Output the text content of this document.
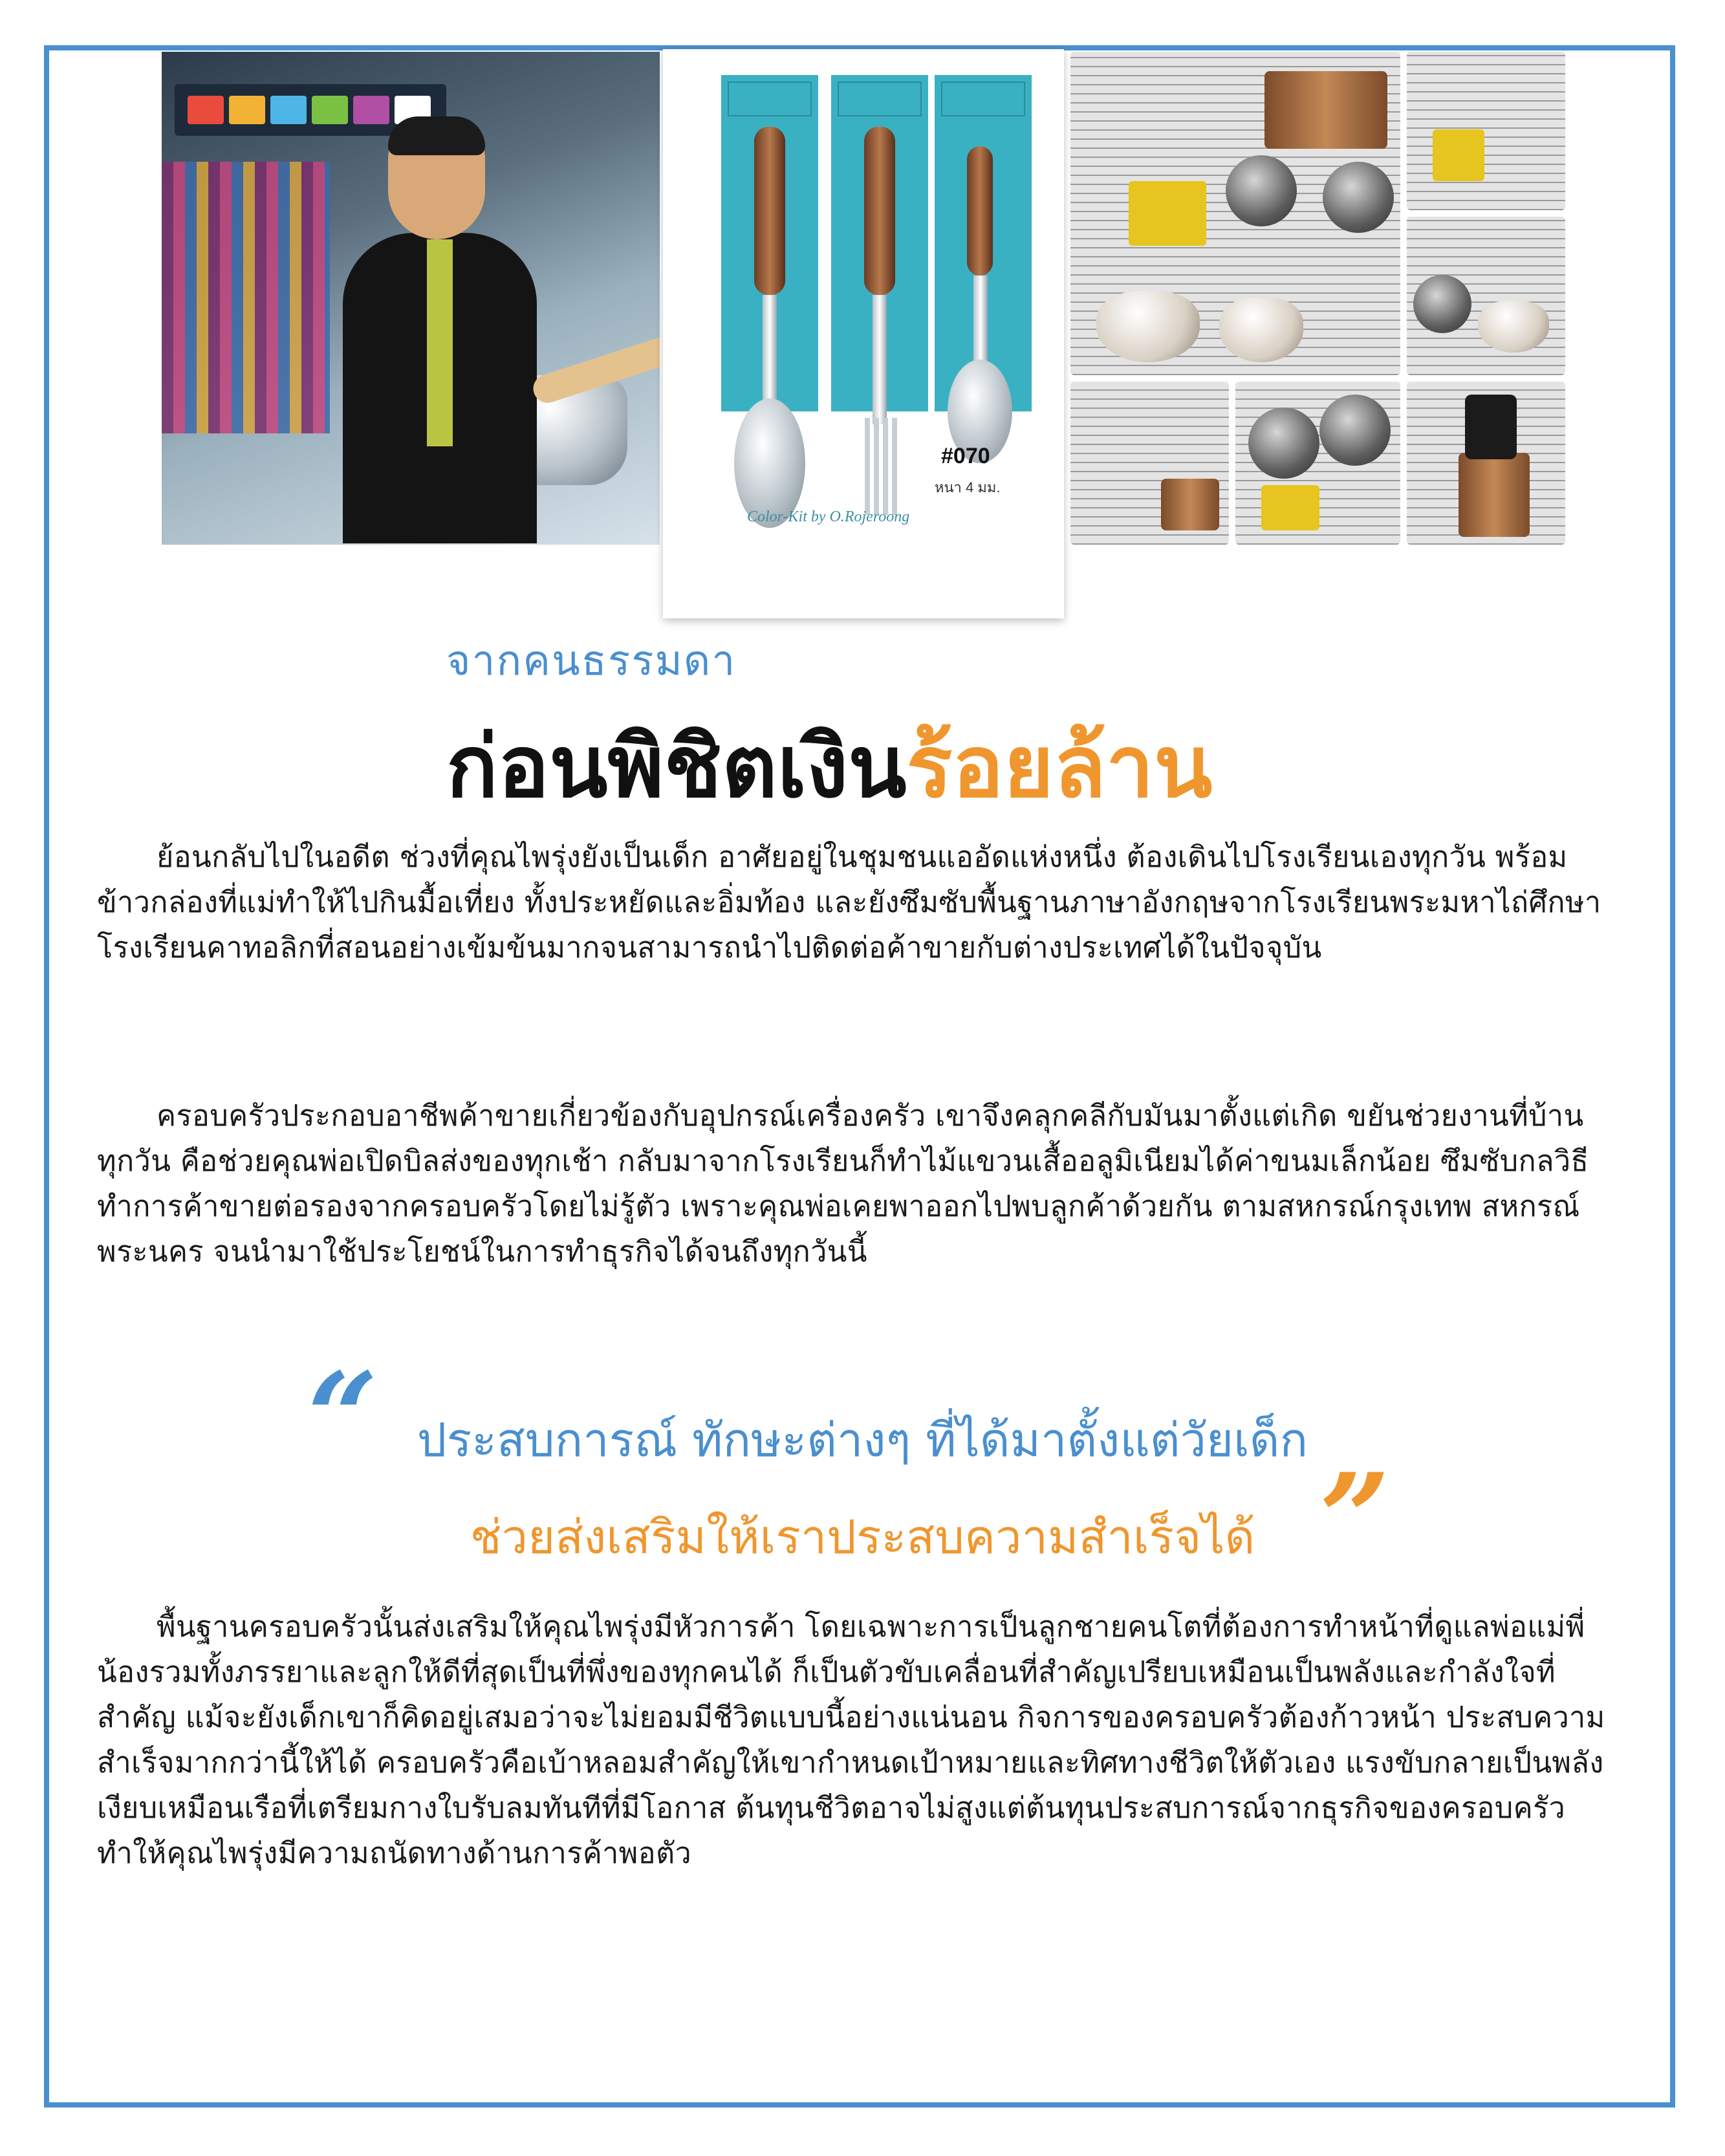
#070
หนา 4 มม.
Color-Kit by O.Rojeroong
จากคนธรรมดา
ก่อนพิชิตเงินร้อยล้าน

ย้อนกลับไปในอดีต ช่วงที่คุณไพรุ่งยังเป็นเด็ก อาศัยอยู่ในชุมชนแออัดแห่งหนึ่ง ต้องเดินไปโรงเรียนเองทุกวัน พร้อมข้าวกล่องที่แม่ทำให้ไปกินมื้อเที่ยง ทั้งประหยัดและอิ่มท้อง และยังซึมซับพื้นฐานภาษาอังกฤษจากโรงเรียนพระมหาไถ่ศึกษาโรงเรียนคาทอลิกที่สอนอย่างเข้มข้นมากจนสามารถนำไปติดต่อค้าขายกับต่างประเทศได้ในปัจจุบัน

ครอบครัวประกอบอาชีพค้าขายเกี่ยวข้องกับอุปกรณ์เครื่องครัว เขาจึงคลุกคลีกับมันมาตั้งแต่เกิด ขยันช่วยงานที่บ้านทุกวัน คือช่วยคุณพ่อเปิดบิลส่งของทุกเช้า กลับมาจากโรงเรียนก็ทำไม้แขวนเสื้ออลูมิเนียมได้ค่าขนมเล็กน้อย ซึมซับกลวิธีทำการค้าขายต่อรองจากครอบครัวโดยไม่รู้ตัว เพราะคุณพ่อเคยพาออกไปพบลูกค้าด้วยกัน ตามสหกรณ์กรุงเทพ สหกรณ์พระนคร จนนำมาใช้ประโยชน์ในการทำธุรกิจได้จนถึงทุกวันนี้

“ ประสบการณ์ ทักษะต่างๆ ที่ได้มาตั้งแต่วัยเด็ก
ช่วยส่งเสริมให้เราประสบความสำเร็จได้ ”

พื้นฐานครอบครัวนั้นส่งเสริมให้คุณไพรุ่งมีหัวการค้า โดยเฉพาะการเป็นลูกชายคนโตที่ต้องการทำหน้าที่ดูแลพ่อแม่พี่น้องรวมทั้งภรรยาและลูกให้ดีที่สุดเป็นที่พึ่งของทุกคนได้ ก็เป็นตัวขับเคลื่อนที่สำคัญเปรียบเหมือนเป็นพลังและกำลังใจที่สำคัญ แม้จะยังเด็กเขาก็คิดอยู่เสมอว่าจะไม่ยอมมีชีวิตแบบนี้อย่างแน่นอน กิจการของครอบครัวต้องก้าวหน้า ประสบความสำเร็จมากกว่านี้ให้ได้ ครอบครัวคือเบ้าหลอมสำคัญให้เขากำหนดเป้าหมายและทิศทางชีวิตให้ตัวเอง แรงขับกลายเป็นพลังเงียบเหมือนเรือที่เตรียมกางใบรับลมทันทีที่มีโอกาส ต้นทุนชีวิตอาจไม่สูงแต่ต้นทุนประสบการณ์จากธุรกิจของครอบครัว ทำให้คุณไพรุ่งมีความถนัดทางด้านการค้าพอตัว
